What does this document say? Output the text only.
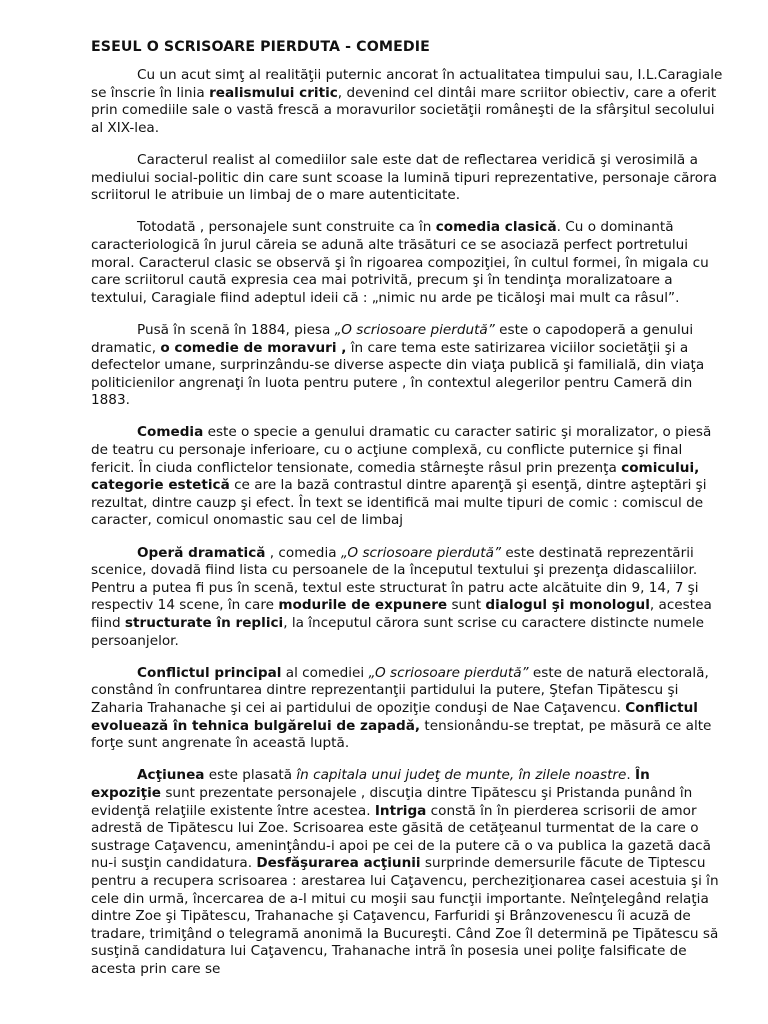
ESEUL O SCRISOARE PIERDUTA - COMEDIE

Cu un acut simţ al realităţii puternic ancorat în actualitatea timpului sau, I.L.Caragiale se înscrie în linia realismului critic, devenind cel dintâi mare scriitor obiectiv, care a oferit prin comediile sale o vastă frescă a moravurilor societăţii româneşti de la sfârşitul secolului al XIX-lea.

Caracterul realist al comediilor sale este dat de reflectarea veridică şi verosimilă a mediului social-politic din care sunt scoase la lumină tipuri reprezentative, personaje cărora scriitorul le atribuie un limbaj de o mare autenticitate.

Totodată , personajele sunt construite ca în comedia clasică. Cu o dominantă caracteriologică în jurul căreia se adună alte trăsături ce se asociază perfect portretului moral. Caracterul clasic se observă şi în rigoarea compoziţiei, în cultul formei, în migala cu care scriitorul caută expresia cea mai potrivită, precum şi în tendinţa moralizatoare a textului, Caragiale fiind adeptul ideii că : „nimic nu arde pe ticăloşi mai mult ca râsul”.

Pusă în scenă în 1884, piesa „O scriosoare pierdută” este o capodoperă a genului dramatic, o comedie de moravuri , în care tema este satirizarea viciilor societăţii şi a defectelor umane, surprinzându-se diverse aspecte din viaţa publică şi familială, din viaţa politicienilor angrenaţi în luota pentru putere , în contextul alegerilor pentru Cameră din 1883.

Comedia este o specie a genului dramatic cu caracter satiric şi moralizator, o piesă de teatru cu personaje inferioare, cu o acţiune complexă, cu conflicte puternice şi final fericit. În ciuda conflictelor tensionate, comedia stârneşte râsul prin prezenţa comicului, categorie estetică ce are la bază contrastul dintre aparenţă şi esenţă, dintre aşteptări şi rezultat, dintre cauzp şi efect. În text se identifică mai multe tipuri de comic : comiscul de caracter, comicul onomastic sau cel de limbaj

Operă dramatică , comedia „O scriosoare pierdută” este destinată reprezentării scenice, dovadă fiind lista cu persoanele de la începutul textului şi prezenţa didascaliilor. Pentru a putea fi pus în scenă, textul este structurat în patru acte alcătuite din 9, 14, 7 şi respectiv 14 scene, în care modurile de expunere sunt dialogul şi monologul, acestea fiind structurate în replici, la începutul cărora sunt scrise cu caractere distincte numele persoanjelor.

Conflictul principal al comediei „O scriosoare pierdută” este de natură electorală, constând în confruntarea dintre reprezentanţii partidului la putere, Ştefan Tipătescu şi Zaharia Trahanache şi cei ai partidului de opoziţie conduşi de Nae Caţavencu. Conflictul evoluează în tehnica bulgărelui de zapadă, tensionându-se treptat, pe măsură ce alte forţe sunt angrenate în această luptă.

Acţiunea este plasată în capitala unui judeţ de munte, în zilele noastre. În expoziţie sunt prezentate personajele , discuţia dintre Tipătescu şi Pristanda punând în evidenţă relaţiile existente între acestea. Intriga constă în în pierderea scrisorii de amor adrestă de Tipătescu lui Zoe. Scrisoarea este găsită de cetăţeanul turmentat de la care o sustrage Caţavencu, ameninţându-i apoi pe cei de la putere că o va publica la gazetă dacă nu-i susţin candidatura. Desfăşurarea acţiunii surprinde demersurile făcute de Tiptescu pentru a recupera scrisoarea : arestarea lui Caţavencu, percheziţionarea casei acestuia şi în cele din urmă, încercarea de a-l mitui cu moşii sau funcţii importante. Neînţelegând relaţia dintre Zoe şi Tipătescu, Trahanache şi Caţavencu, Farfuridi şi Brânzovenescu îi acuză de tradare, trimiţând o telegramă anonimă la Bucureşti. Când Zoe îl determină pe Tipătescu să susţină candidatura lui Caţavencu, Trahanache intră în posesia unei poliţe falsificate de acesta prin care se
